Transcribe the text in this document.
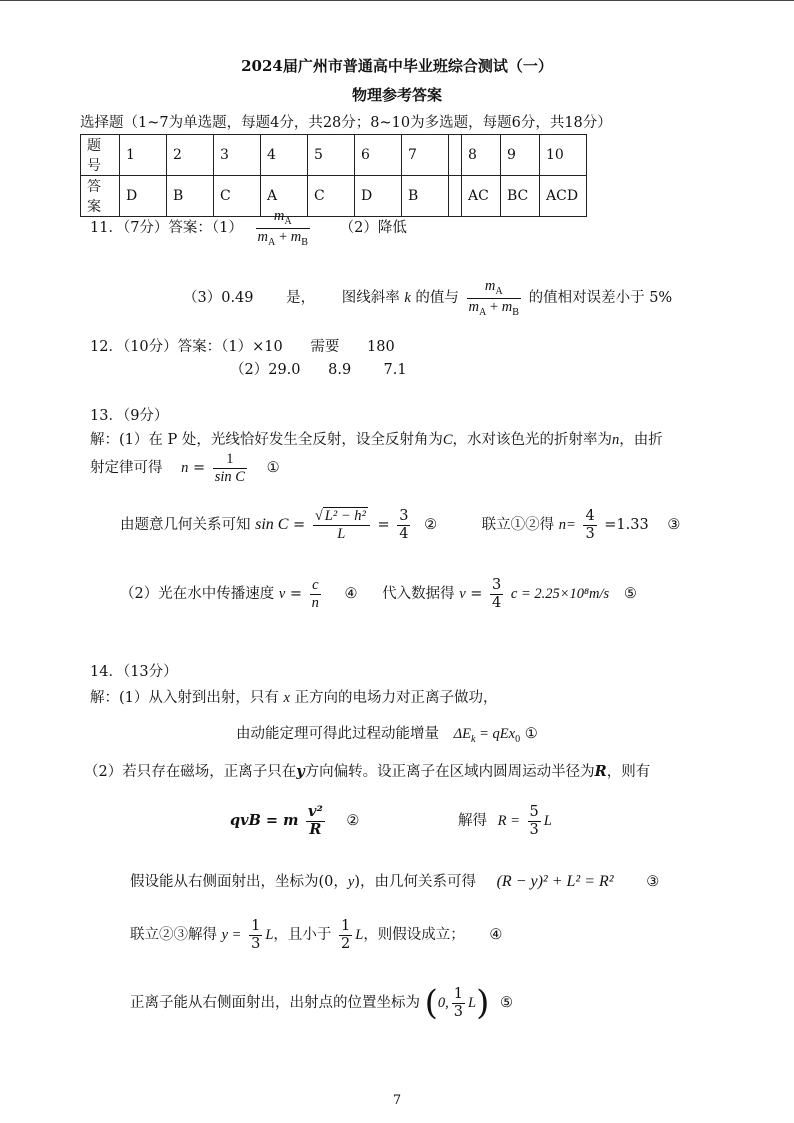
2024届广州市普通高中毕业班综合测试（一）
物理参考答案
选择题（1~7为单选题，每题4分，共28分；8~10为多选题，每题6分，共18分）
题号	1	2	3	4	5	6	7		8	9	10
答案	D	B	C	A	C	D	B		AC	BC	ACD
11．（7分）答案：$(1) \frac{m_A}{m_A + m_B} (2)$降低
（3）0.49 是， 图线斜率 k 的值与 $\frac{m_A}{m_A + m_B}$ 的值相对误差小于 5%
12．（10分）答案：（1）×10      需要      180
（2）29.0      8.9       7.1
13．（9分）
解：(1）在 P 处，光线恰好发生全反射，设全反射角为C，水对该色光的折射率为n，由折
射定律可得 $n = \frac{1}{\text{sin C}}$ ①
由题意几何关系可知 $\sin C = \frac{\text{√ L² − h²}}{L} = \frac{3}{4}$ ②	联立①②得 $n= \frac{4}{3} =1.33$ ③
（2）光在水中传播速度 $v = \frac{c}{n}$ ④ 代入数据得 $v = \frac{3}{4}$ c = 2.25×10⁸m/s ⑤
14．（13分）
解：(1）从入射到出射，只有 x 正方向的电场力对正离子做功，
由动能定理可得此过程动能增量 $\Delta E_k = qEx_0$ ①
（2）若只存在磁场，正离子只在y方向偏转。设正离子在区域内圆周运动半径为R，则有
qvB = m $\frac{\text{v²}}{R}$ ②	解得 $R = \frac{5}{3}$ L
假设能从右侧面射出，坐标为(0，y)，由几何关系可得 (R − y)² + L² = R² ③
联立②③解得 $y = \frac{1}{3}$ L，且小于 $\frac{1}{2}$ L，则假设成立； ④
正离子能从右侧面射出，出射点的位置坐标为 (0, $\frac{1}{3} L$) ⑤
7
